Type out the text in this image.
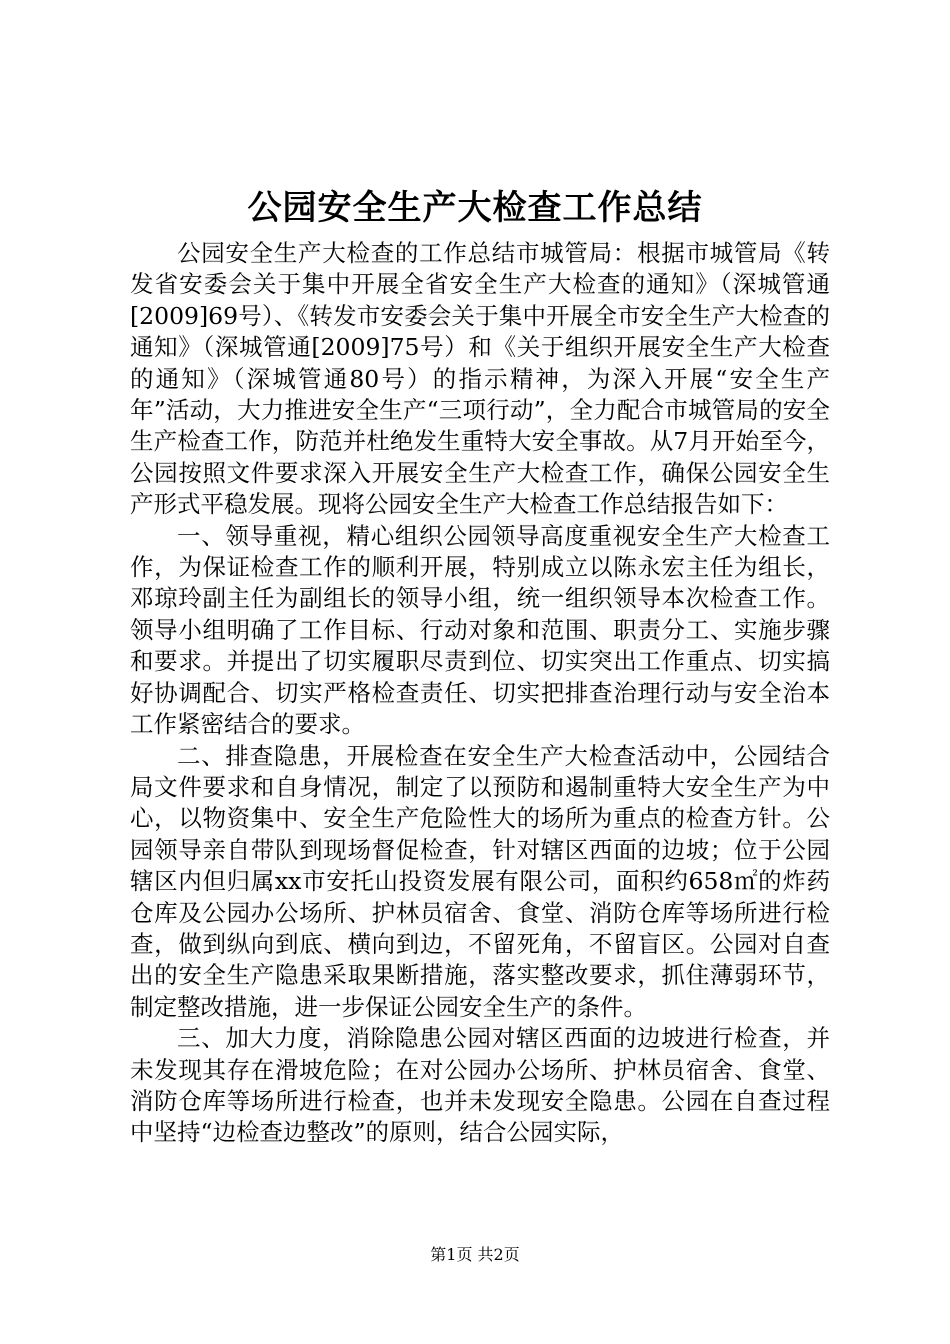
公园安全生产大检查工作总结

公园安全生产大检查的工作总结市城管局：根据市城管局《转发省安委会关于集中开展全省安全生产大检查的通知》（深城管通[2009]69号）、《转发市安委会关于集中开展全市安全生产大检查的通知》（深城管通[2009]75号）和《关于组织开展安全生产大检查的通知》（深城管通80号）的指示精神，为深入开展“安全生产年”活动，大力推进安全生产“三项行动”，全力配合市城管局的安全生产检查工作，防范并杜绝发生重特大安全事故。从7月开始至今，公园按照文件要求深入开展安全生产大检查工作，确保公园安全生产形式平稳发展。现将公园安全生产大检查工作总结报告如下：

一、领导重视，精心组织公园领导高度重视安全生产大检查工作，为保证检查工作的顺利开展，特别成立以陈永宏主任为组长，邓琼玲副主任为副组长的领导小组，统一组织领导本次检查工作。领导小组明确了工作目标、行动对象和范围、职责分工、实施步骤和要求。并提出了切实履职尽责到位、切实突出工作重点、切实搞好协调配合、切实严格检查责任、切实把排查治理行动与安全治本工作紧密结合的要求。

二、排查隐患，开展检查在安全生产大检查活动中，公园结合局文件要求和自身情况，制定了以预防和遏制重特大安全生产为中心，以物资集中、安全生产危险性大的场所为重点的检查方针。公园领导亲自带队到现场督促检查，针对辖区西面的边坡；位于公园辖区内但归属xx市安托山投资发展有限公司，面积约658㎡的炸药仓库及公园办公场所、护林员宿舍、食堂、消防仓库等场所进行检查，做到纵向到底、横向到边，不留死角，不留盲区。公园对自查出的安全生产隐患采取果断措施，落实整改要求，抓住薄弱环节，制定整改措施，进一步保证公园安全生产的条件。

三、加大力度，消除隐患公园对辖区西面的边坡进行检查，并未发现其存在滑坡危险；在对公园办公场所、护林员宿舍、食堂、消防仓库等场所进行检查，也并未发现安全隐患。公园在自查过程中坚持“边检查边整改”的原则，结合公园实际，

第1页 共2页
